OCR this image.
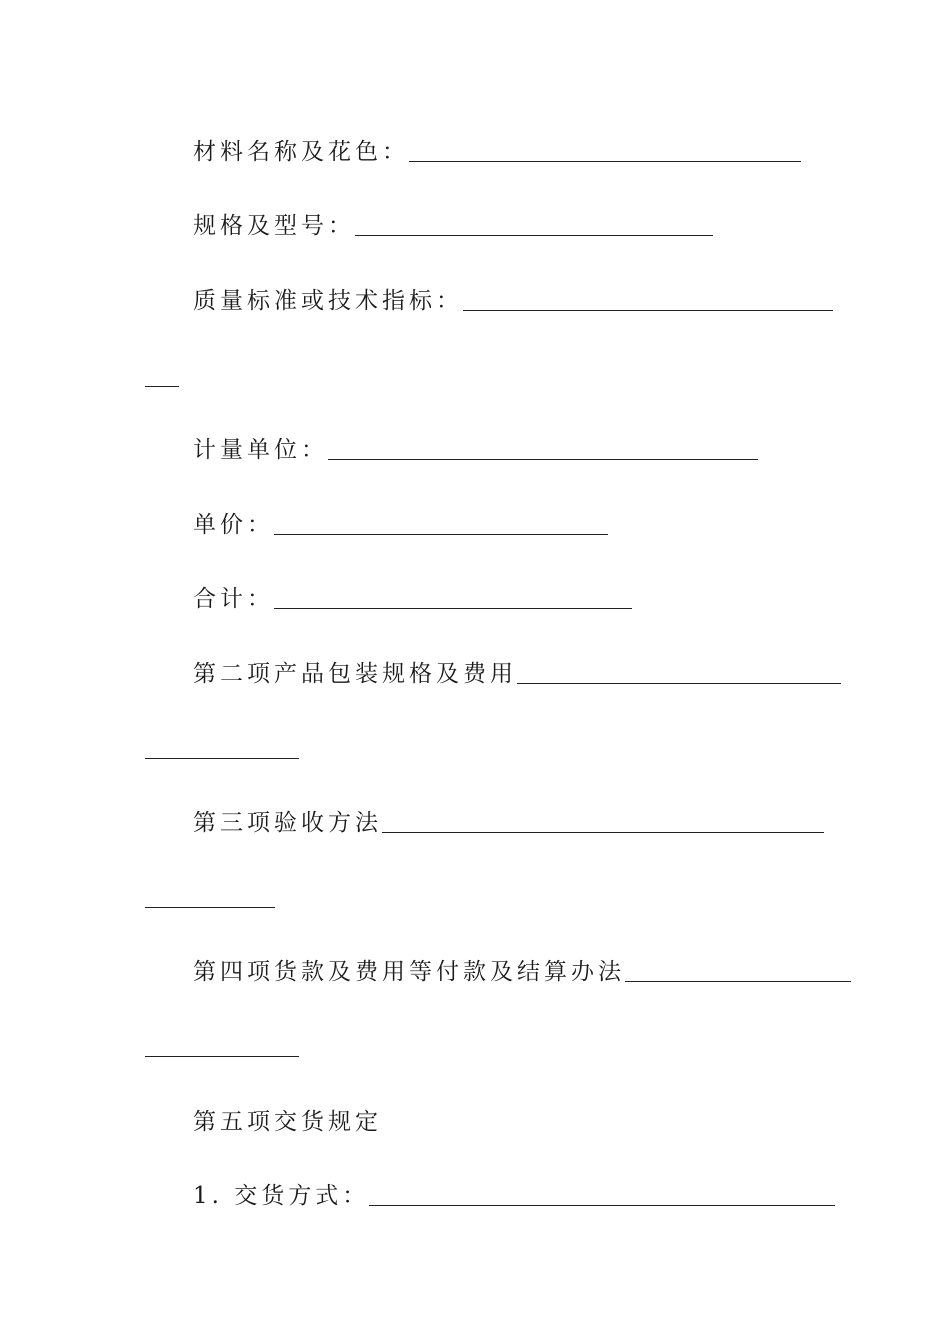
材料名称及花色：
规格及型号：
质量标准或技术指标：
计量单位：
单价：
合计：
第二项产品包装规格及费用
第三项验收方法
第四项货款及费用等付款及结算办法
第五项交货规定
1. 交货方式：
